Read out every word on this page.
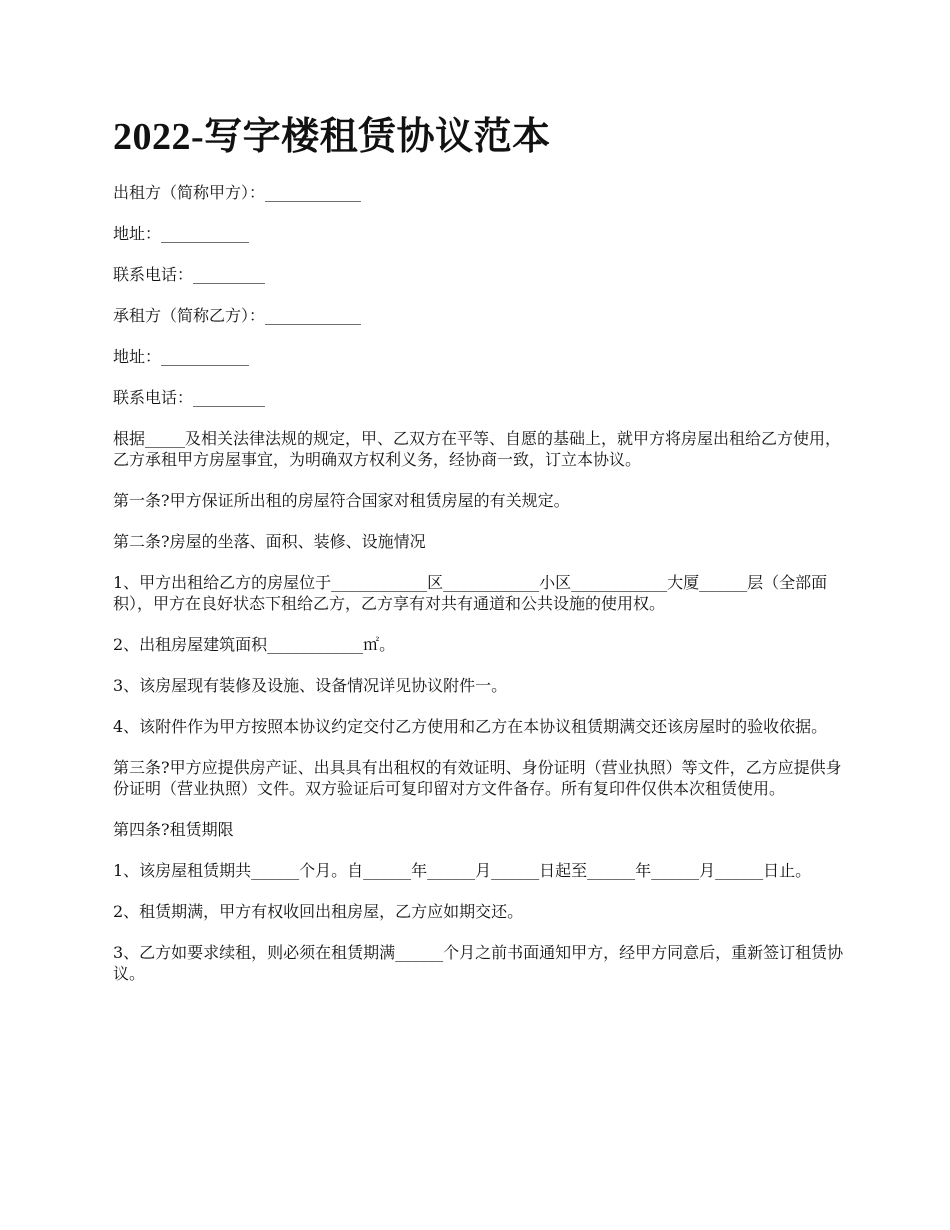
2022-写字楼租赁协议范本

出租方（简称甲方）：____________

地址：___________

联系电话：_________

承租方（简称乙方）：____________

地址：___________

联系电话：_________

根据_____及相关法律法规的规定，甲、乙双方在平等、自愿的基础上，就甲方将房屋出租给乙方使用，乙方承租甲方房屋事宜，为明确双方权利义务，经协商一致，订立本协议。

第一条?甲方保证所出租的房屋符合国家对租赁房屋的有关规定。

第二条?房屋的坐落、面积、装修、设施情况

1、甲方出租给乙方的房屋位于____________区____________小区____________大厦______层（全部面积），甲方在良好状态下租给乙方，乙方享有对共有通道和公共设施的使用权。

2、出租房屋建筑面积____________㎡。

3、该房屋现有装修及设施、设备情况详见协议附件一。

4、该附件作为甲方按照本协议约定交付乙方使用和乙方在本协议租赁期满交还该房屋时的验收依据。

第三条?甲方应提供房产证、出具具有出租权的有效证明、身份证明（营业执照）等文件，乙方应提供身份证明（营业执照）文件。双方验证后可复印留对方文件备存。所有复印件仅供本次租赁使用。

第四条?租赁期限

1、该房屋租赁期共______个月。自______年______月______日起至______年______月______日止。

2、租赁期满，甲方有权收回出租房屋，乙方应如期交还。

3、乙方如要求续租，则必须在租赁期满______个月之前书面通知甲方，经甲方同意后，重新签订租赁协议。
